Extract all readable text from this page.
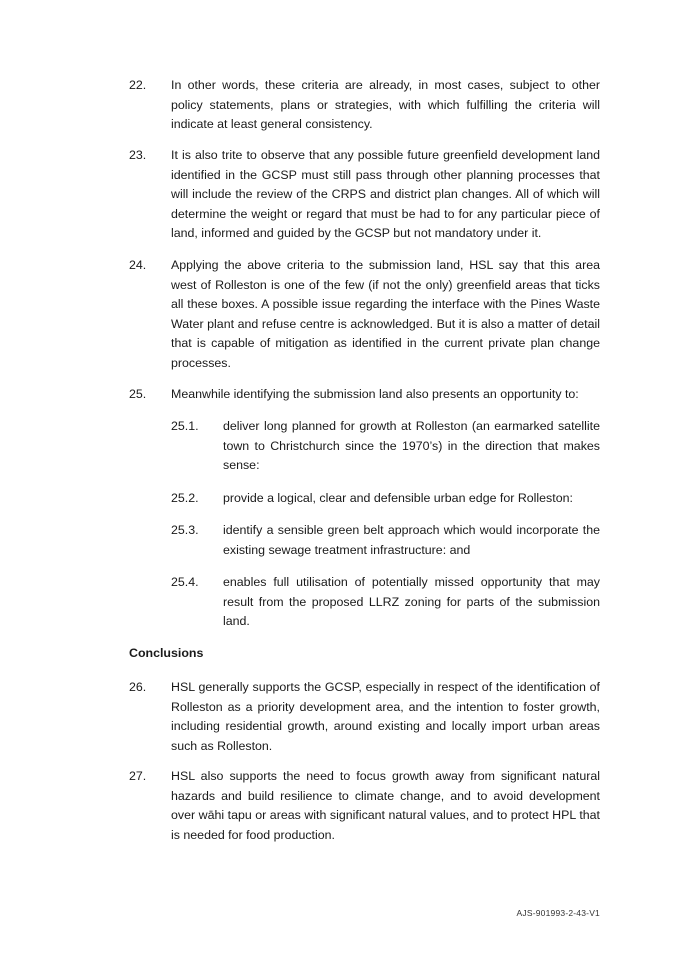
22.	In other words, these criteria are already, in most cases, subject to other policy statements, plans or strategies, with which fulfilling the criteria will indicate at least general consistency.
23.	It is also trite to observe that any possible future greenfield development land identified in the GCSP must still pass through other planning processes that will include the review of the CRPS and district plan changes. All of which will determine the weight or regard that must be had to for any particular piece of land, informed and guided by the GCSP but not mandatory under it.
24.	Applying the above criteria to the submission land, HSL say that this area west of Rolleston is one of the few (if not the only) greenfield areas that ticks all these boxes. A possible issue regarding the interface with the Pines Waste Water plant and refuse centre is acknowledged. But it is also a matter of detail that is capable of mitigation as identified in the current private plan change processes.
25.	Meanwhile identifying the submission land also presents an opportunity to:
25.1.	deliver long planned for growth at Rolleston (an earmarked satellite town to Christchurch since the 1970’s) in the direction that makes sense:
25.2.	provide a logical, clear and defensible urban edge for Rolleston:
25.3.	identify a sensible green belt approach which would incorporate the existing sewage treatment infrastructure: and
25.4.	enables full utilisation of potentially missed opportunity that may result from the proposed LLRZ zoning for parts of the submission land.
Conclusions
26.	HSL generally supports the GCSP, especially in respect of the identification of Rolleston as a priority development area, and the intention to foster growth, including residential growth, around existing and locally import urban areas such as Rolleston.
27.	HSL also supports the need to focus growth away from significant natural hazards and build resilience to climate change, and to avoid development over wāhi tapu or areas with significant natural values, and to protect HPL that is needed for food production.
AJS-901993-2-43-V1
